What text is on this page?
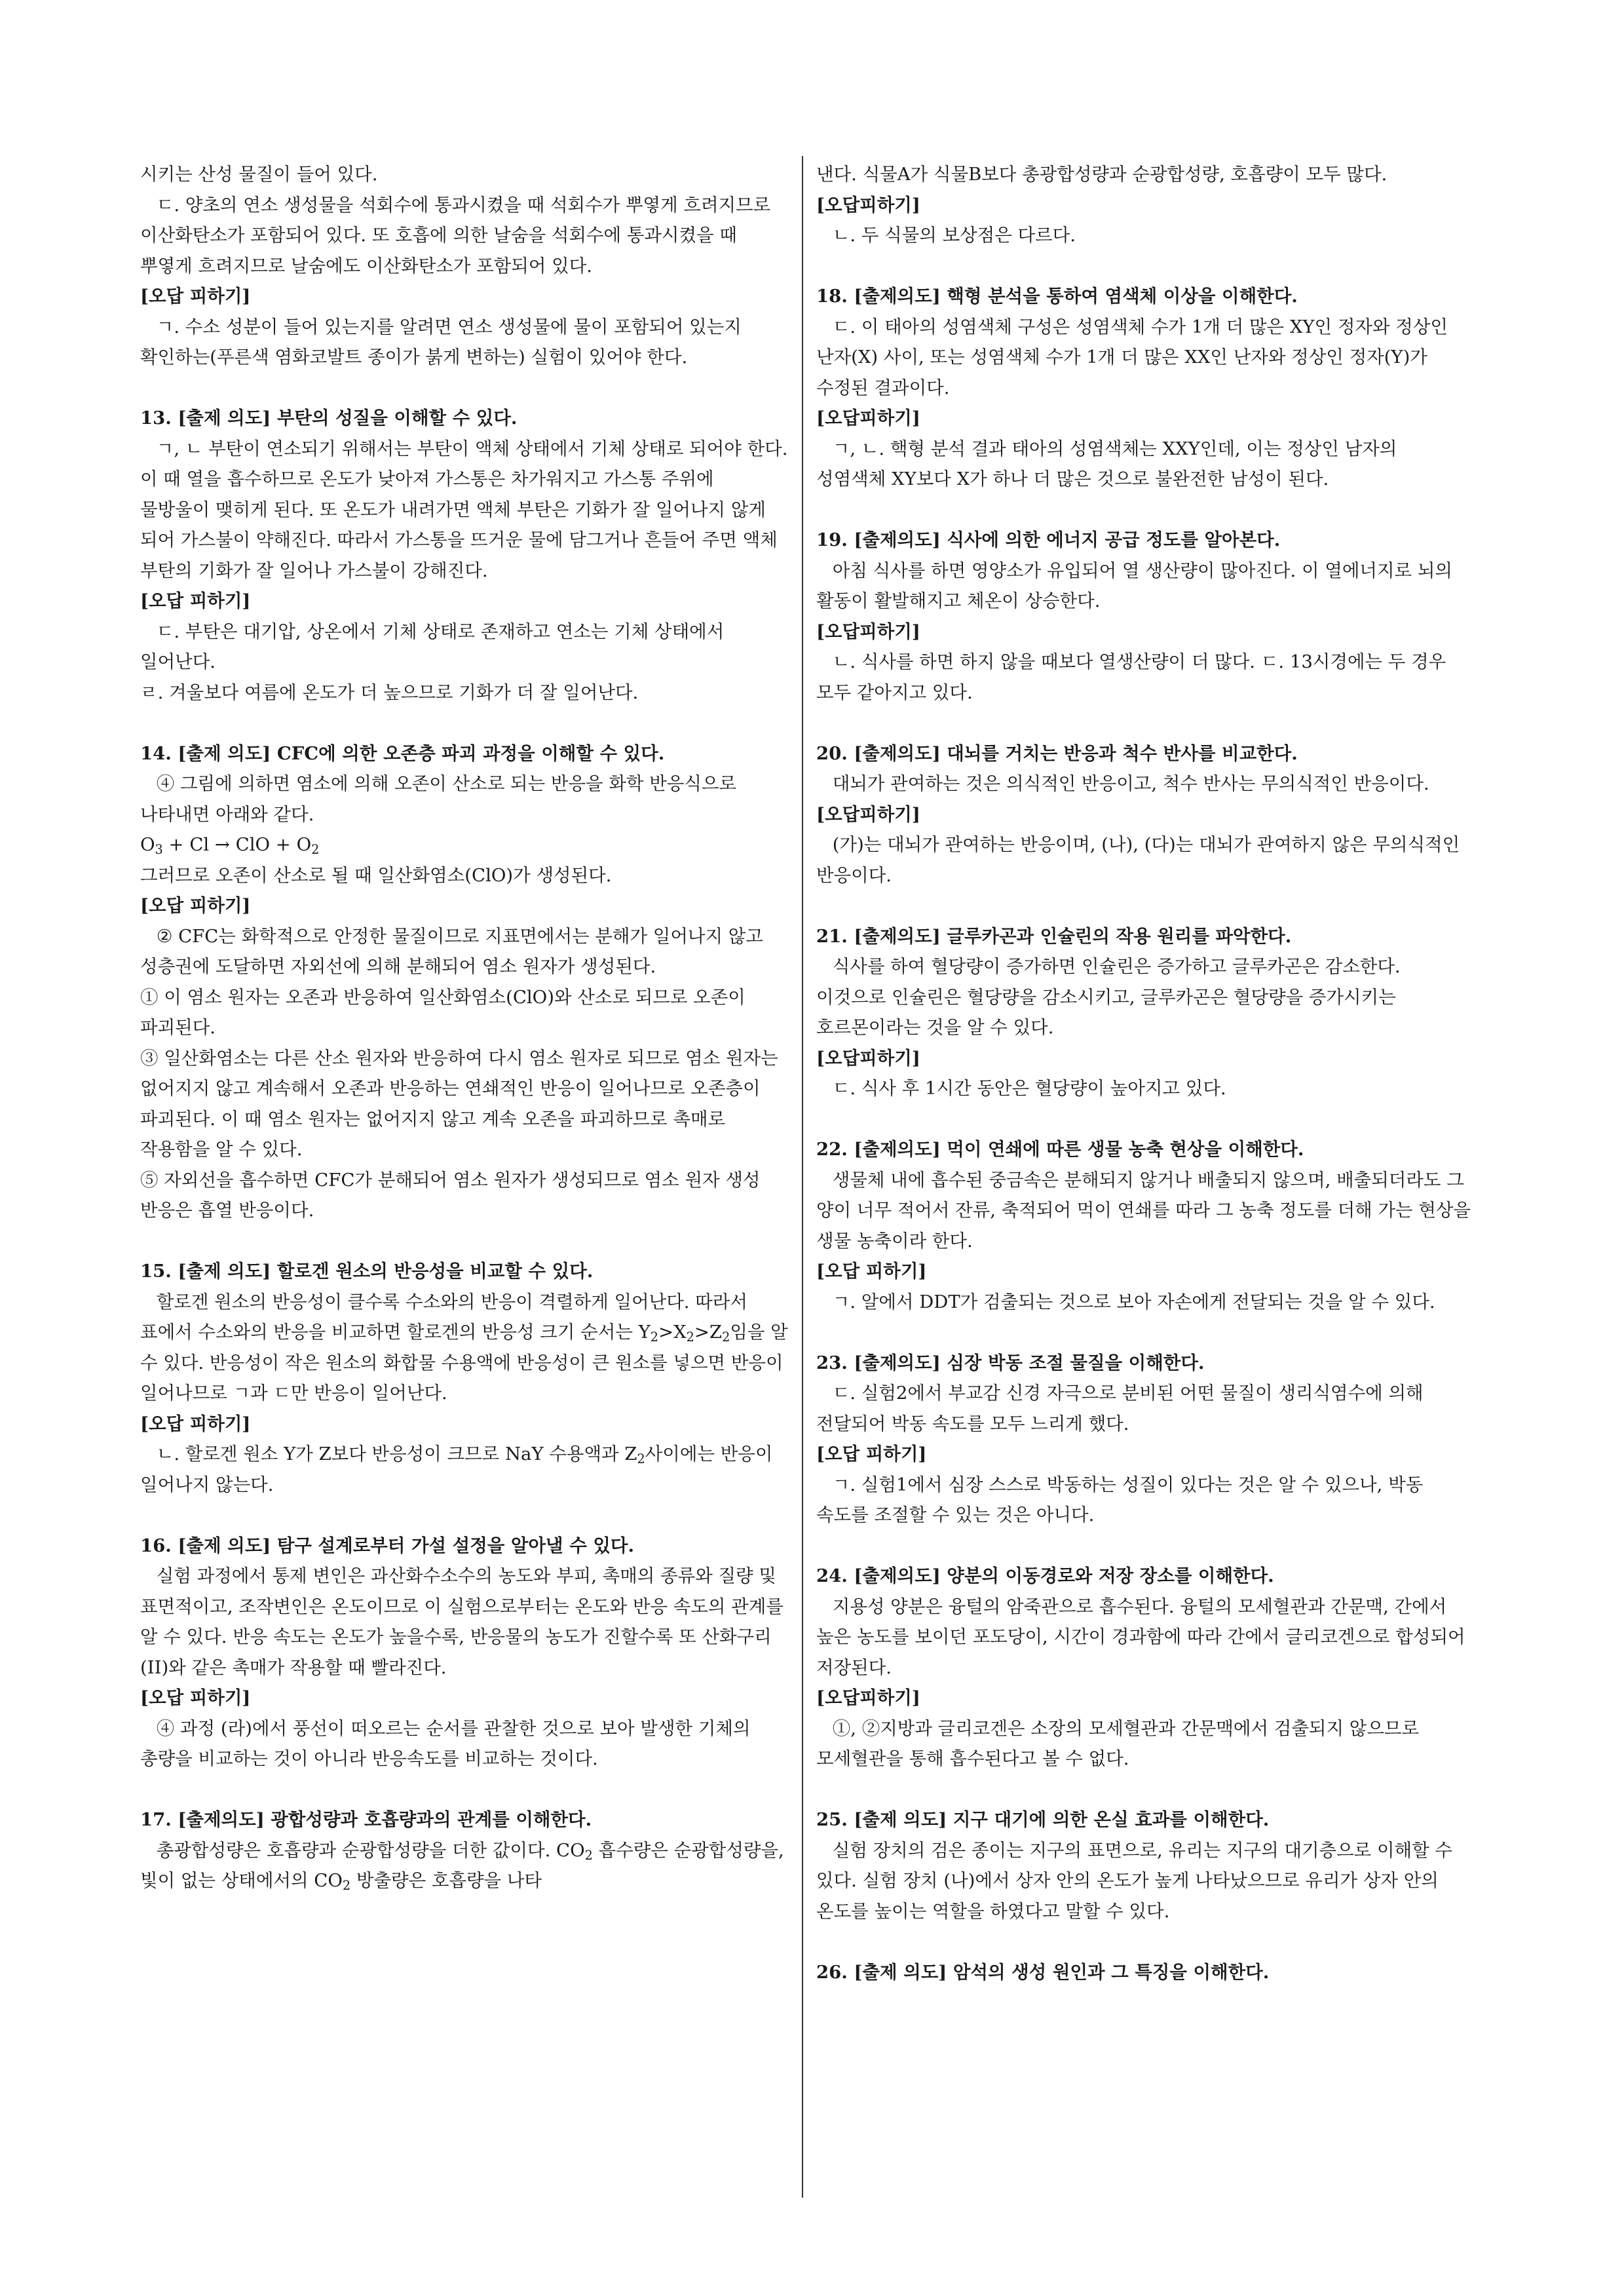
시키는 산성 물질이 들어 있다.

ㄷ. 양초의 연소 생성물을 석회수에 통과시켰을 때 석회수가 뿌옇게 흐려지므로 이산화탄소가 포함되어 있다. 또 호흡에 의한 날숨을 석회수에 통과시켰을 때 뿌옇게 흐려지므로 날숨에도 이산화탄소가 포함되어 있다.

[오답 피하기]

ㄱ. 수소 성분이 들어 있는지를 알려면 연소 생성물에 물이 포함되어 있는지 확인하는(푸른색 염화코발트 종이가 붉게 변하는) 실험이 있어야 한다.

13. [출제 의도] 부탄의 성질을 이해할 수 있다.

ㄱ, ㄴ 부탄이 연소되기 위해서는 부탄이 액체 상태에서 기체 상태로 되어야 한다. 이 때 열을 흡수하므로 온도가 낮아져 가스통은 차가워지고 가스통 주위에 물방울이 맺히게 된다. 또 온도가 내려가면 액체 부탄은 기화가 잘 일어나지 않게 되어 가스불이 약해진다. 따라서 가스통을 뜨거운 물에 담그거나 흔들어 주면 액체 부탄의 기화가 잘 일어나 가스불이 강해진다.

[오답 피하기]

ㄷ. 부탄은 대기압, 상온에서 기체 상태로 존재하고 연소는 기체 상태에서 일어난다.

ㄹ. 겨울보다 여름에 온도가 더 높으므로 기화가 더 잘 일어난다.

14. [출제 의도] CFC에 의한 오존층 파괴 과정을 이해할 수 있다.

④ 그림에 의하면 염소에 의해 오존이 산소로 되는 반응을 화학 반응식으로 나타내면 아래와 같다.

$O_3 + Cl$ → ClO + $O_2$

그러므로 오존이 산소로 될 때 일산화염소(ClO)가 생성된다.

[오답 피하기]

② CFC는 화학적으로 안정한 물질이므로 지표면에서는 분해가 일어나지 않고 성층권에 도달하면 자외선에 의해 분해되어 염소 원자가 생성된다.

① 이 염소 원자는 오존과 반응하여 일산화염소(ClO)와 산소로 되므로 오존이 파괴된다.

③ 일산화염소는 다른 산소 원자와 반응하여 다시 염소 원자로 되므로 염소 원자는 없어지지 않고 계속해서 오존과 반응하는 연쇄적인 반응이 일어나므로 오존층이 파괴된다. 이 때 염소 원자는 없어지지 않고 계속 오존을 파괴하므로 촉매로 작용함을 알 수 있다.

⑤ 자외선을 흡수하면 CFC가 분해되어 염소 원자가 생성되므로 염소 원자 생성 반응은 흡열 반응이다.

15. [출제 의도] 할로겐 원소의 반응성을 비교할 수 있다.

할로겐 원소의 반응성이 클수록 수소와의 반응이 격렬하게 일어난다. 따라서 표에서 수소와의 반응을 비교하면 할로겐의 반응성 크기 순서는 $Y_2>X_2>Z_2$임을 알 수 있다. 반응성이 작은 원소의 화합물 수용액에 반응성이 큰 원소를 넣으면 반응이 일어나므로 ㄱ과 ㄷ만 반응이 일어난다.

[오답 피하기]

ㄴ. 할로겐 원소 Y가 Z보다 반응성이 크므로 NaY 수용액과 $Z_2$사이에는 반응이 일어나지 않는다.

16. [출제 의도] 탐구 설계로부터 가설 설정을 알아낼 수 있다.

실험 과정에서 통제 변인은 과산화수소수의 농도와 부피, 촉매의 종류와 질량 및 표면적이고, 조작변인은 온도이므로 이 실험으로부터는 온도와 반응 속도의 관계를 알 수 있다. 반응 속도는 온도가 높을수록, 반응물의 농도가 진할수록 또 산화구리(II)와 같은 촉매가 작용할 때 빨라진다.

[오답 피하기]

④ 과정 (라)에서 풍선이 떠오르는 순서를 관찰한 것으로 보아 발생한 기체의 총량을 비교하는 것이 아니라 반응속도를 비교하는 것이다.

17. [출제의도] 광합성량과 호흡량과의 관계를 이해한다.

총광합성량은 호흡량과 순광합성량을 더한 값이다. $CO_2$ 흡수량은 순광합성량을, 빛이 없는 상태에서의 $CO_2$ 방출량은 호흡량을 나타

낸다. 식물A가 식물B보다 총광합성량과 순광합성량, 호흡량이 모두 많다.

[오답피하기]

ㄴ. 두 식물의 보상점은 다르다.

18. [출제의도] 핵형 분석을 통하여 염색체 이상을 이해한다.

ㄷ. 이 태아의 성염색체 구성은 성염색체 수가 1개 더 많은 XY인 정자와 정상인 난자(X) 사이, 또는 성염색체 수가 1개 더 많은 XX인 난자와 정상인 정자(Y)가 수정된 결과이다.

[오답피하기]

ㄱ, ㄴ. 핵형 분석 결과 태아의 성염색체는 XXY인데, 이는 정상인 남자의 성염색체 XY보다 X가 하나 더 많은 것으로 불완전한 남성이 된다.

19. [출제의도] 식사에 의한 에너지 공급 정도를 알아본다.

아침 식사를 하면 영양소가 유입되어 열 생산량이 많아진다. 이 열에너지로 뇌의 활동이 활발해지고 체온이 상승한다.

[오답피하기]

ㄴ. 식사를 하면 하지 않을 때보다 열생산량이 더 많다. ㄷ. 13시경에는 두 경우 모두 같아지고 있다.

20. [출제의도] 대뇌를 거치는 반응과 척수 반사를 비교한다.

대뇌가 관여하는 것은 의식적인 반응이고, 척수 반사는 무의식적인 반응이다.

[오답피하기]

(가)는 대뇌가 관여하는 반응이며, (나), (다)는 대뇌가 관여하지 않은 무의식적인 반응이다.

21. [출제의도] 글루카곤과 인슐린의 작용 원리를 파악한다.

식사를 하여 혈당량이 증가하면 인슐린은 증가하고 글루카곤은 감소한다. 이것으로 인슐린은 혈당량을 감소시키고, 글루카곤은 혈당량을 증가시키는 호르몬이라는 것을 알 수 있다.

[오답피하기]

ㄷ. 식사 후 1시간 동안은 혈당량이 높아지고 있다.

22. [출제의도] 먹이 연쇄에 따른 생물 농축 현상을 이해한다.

생물체 내에 흡수된 중금속은 분해되지 않거나 배출되지 않으며, 배출되더라도 그 양이 너무 적어서 잔류, 축적되어 먹이 연쇄를 따라 그 농축 정도를 더해 가는 현상을 생물 농축이라 한다.

[오답 피하기]

ㄱ. 알에서 DDT가 검출되는 것으로 보아 자손에게 전달되는 것을 알 수 있다.

23. [출제의도] 심장 박동 조절 물질을 이해한다.

ㄷ. 실험2에서 부교감 신경 자극으로 분비된 어떤 물질이 생리식염수에 의해 전달되어 박동 속도를 모두 느리게 했다.

[오답 피하기]

ㄱ. 실험1에서 심장 스스로 박동하는 성질이 있다는 것은 알 수 있으나, 박동 속도를 조절할 수 있는 것은 아니다.

24. [출제의도] 양분의 이동경로와 저장 장소를 이해한다.

지용성 양분은 융털의 암죽관으로 흡수된다. 융털의 모세혈관과 간문맥, 간에서 높은 농도를 보이던 포도당이, 시간이 경과함에 따라 간에서 글리코겐으로 합성되어 저장된다.

[오답피하기]

①, ②지방과 글리코겐은 소장의 모세혈관과 간문맥에서 검출되지 않으므로 모세혈관을 통해 흡수된다고 볼 수 없다.

25. [출제 의도] 지구 대기에 의한 온실 효과를 이해한다.

실험 장치의 검은 종이는 지구의 표면으로, 유리는 지구의 대기층으로 이해할 수 있다. 실험 장치 (나)에서 상자 안의 온도가 높게 나타났으므로 유리가 상자 안의 온도를 높이는 역할을 하였다고 말할 수 있다.

26. [출제 의도] 암석의 생성 원인과 그 특징을 이해한다.
